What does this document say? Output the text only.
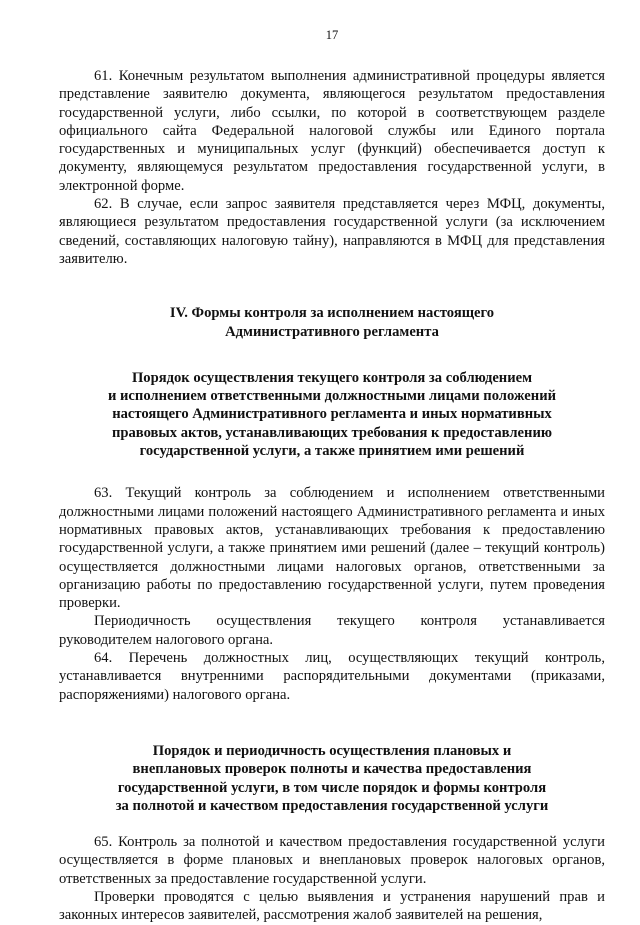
17

61. Конечным результатом выполнения административной процедуры является представление заявителю документа, являющегося результатом предоставления государственной услуги, либо ссылки, по которой в соответствующем разделе официального сайта Федеральной налоговой службы или Единого портала государственных и муниципальных услуг (функций) обеспечивается доступ к документу, являющемуся результатом предоставления государственной услуги, в электронной форме.

62. В случае, если запрос заявителя представляется через МФЦ, документы, являющиеся результатом предоставления государственной услуги (за исключением сведений, составляющих налоговую тайну), направляются в МФЦ для представления заявителю.

IV. Формы контроля за исполнением настоящего
Административного регламента
Порядок осуществления текущего контроля за соблюдением
и исполнением ответственными должностными лицами положений
настоящего Административного регламента и иных нормативных
правовых актов, устанавливающих требования к предоставлению
государственной услуги, а также принятием ими решений

63. Текущий контроль за соблюдением и исполнением ответственными должностными лицами положений настоящего Административного регламента и иных нормативных правовых актов, устанавливающих требования к предоставлению государственной услуги, а также принятием ими решений (далее – текущий контроль) осуществляется должностными лицами налоговых органов, ответственными за организацию работы по предоставлению государственной услуги, путем проведения проверки.

Периодичность осуществления текущего контроля устанавливается руководителем налогового органа.

64. Перечень должностных лиц, осуществляющих текущий контроль, устанавливается внутренними распорядительными документами (приказами, распоряжениями) налогового органа.

Порядок и периодичность осуществления плановых и
внеплановых проверок полноты и качества предоставления
государственной услуги, в том числе порядок и формы контроля
за полнотой и качеством предоставления государственной услуги

65. Контроль за полнотой и качеством предоставления государственной услуги осуществляется в форме плановых и внеплановых проверок налоговых органов, ответственных за предоставление государственной услуги.

Проверки проводятся с целью выявления и устранения нарушений прав и законных интересов заявителей, рассмотрения жалоб заявителей на решения,
